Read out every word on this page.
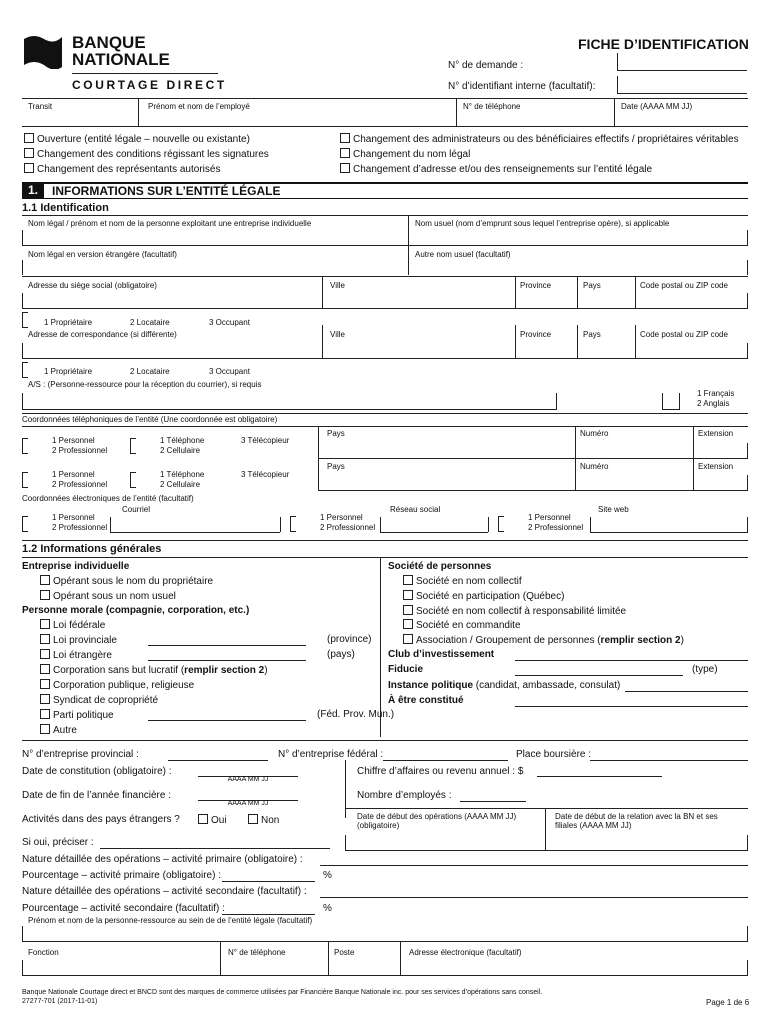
BANQUE
NATIONALE
COURTAGE DIRECT
FICHE D’IDENTIFICATION
N° de demande :
N° d’identifiant interne (facultatif):
Transit	Prénom et nom de l’employé	N° de téléphone	Date (AAAA MM JJ)
Ouverture (entité légale – nouvelle ou existante)
Changement des conditions régissant les signatures
Changement des représentants autorisés
Changement des administrateurs ou des bénéficiaires effectifs / propriétaires véritables
Changement du nom légal
Changement d’adresse et/ou des renseignements sur l’entité légale
1.	INFORMATIONS SUR L’ENTITÉ LÉGALE
1.1 Identification
Nom légal / prénom et nom de la personne exploitant une entreprise individuelle	Nom usuel (nom d’emprunt sous lequel l’entreprise opère), si applicable
Nom légal en version étrangère (facultatif)	Autre nom usuel (facultatif)
Adresse du siège social (obligatoire)	Ville	Province	Pays	Code postal ou ZIP code
1 Propriétaire	2 Locataire	3 Occupant
Adresse de correspondance (si différente)	Ville	Province	Pays	Code postal ou ZIP code
1 Propriétaire	2 Locataire	3 Occupant
A/S : (Personne-ressource pour la réception du courrier), si requis
1 Français
2 Anglais
Coordonnées téléphoniques de l’entité (Une coordonnée est obligatoire)
1 Personnel
2 Professionnel
1 Téléphone
2 Cellulaire
3 Télécopieur
Pays	Numéro	Extension
1 Personnel
2 Professionnel
1 Téléphone
2 Cellulaire
3 Télécopieur
Pays	Numéro	Extension
Coordonnées électroniques de l’entité (facultatif)
Courriel	Réseau social	Site web
1 Personnel
2 Professionnel
1 Personnel
2 Professionnel
1 Personnel
2 Professionnel
1.2 Informations générales
Entreprise individuelle
Opérant sous le nom du propriétaire
Opérant sous un nom usuel
Personne morale (compagnie, corporation, etc.)
Loi fédérale
Loi provinciale	(province)
Loi étrangère	(pays)
Corporation sans but lucratif (remplir section 2)
Corporation publique, religieuse
Syndicat de copropriété
Parti politique	(Féd. Prov. Mun.)
Autre
Société de personnes
Société en nom collectif
Société en participation (Québec)
Société en nom collectif à responsabilité limitée
Société en commandite
Association / Groupement de personnes (remplir section 2)
Club d’investissement
Fiducie	(type)
Instance politique (candidat, ambassade, consulat)
À être constitué
N° d’entreprise provincial :	N° d’entreprise fédéral :	Place boursière :
Date de constitution (obligatoire) :
AAAA MM JJ
Chiffre d’affaires ou revenu annuel : $
Date de fin de l’année financière :
AAAA MM JJ
Nombre d’employés :
Activités dans des pays étrangers ?	Oui	Non	Date de début des opérations (AAAA MM JJ) (obligatoire)
Date de début de la relation avec la BN et ses filiales (AAAA MM JJ)
Si oui, préciser :
Nature détaillée des opérations – activité primaire (obligatoire) :
Pourcentage – activité primaire (obligatoire) :	%
Nature détaillée des opérations – activité secondaire (facultatif) :
Pourcentage – activité secondaire (facultatif) :	%
Prénom et nom de la personne-ressource au sein de de l’entité légale (facultatif)
Fonction	N° de téléphone	Poste	Adresse électronique (facultatif)
Banque Nationale Courtage direct et BNCD sont des marques de commerce utilisées par Financière Banque Nationale inc. pour ses services d’opérations sans conseil.
27277-701 (2017-11-01)	Page 1 de 6
